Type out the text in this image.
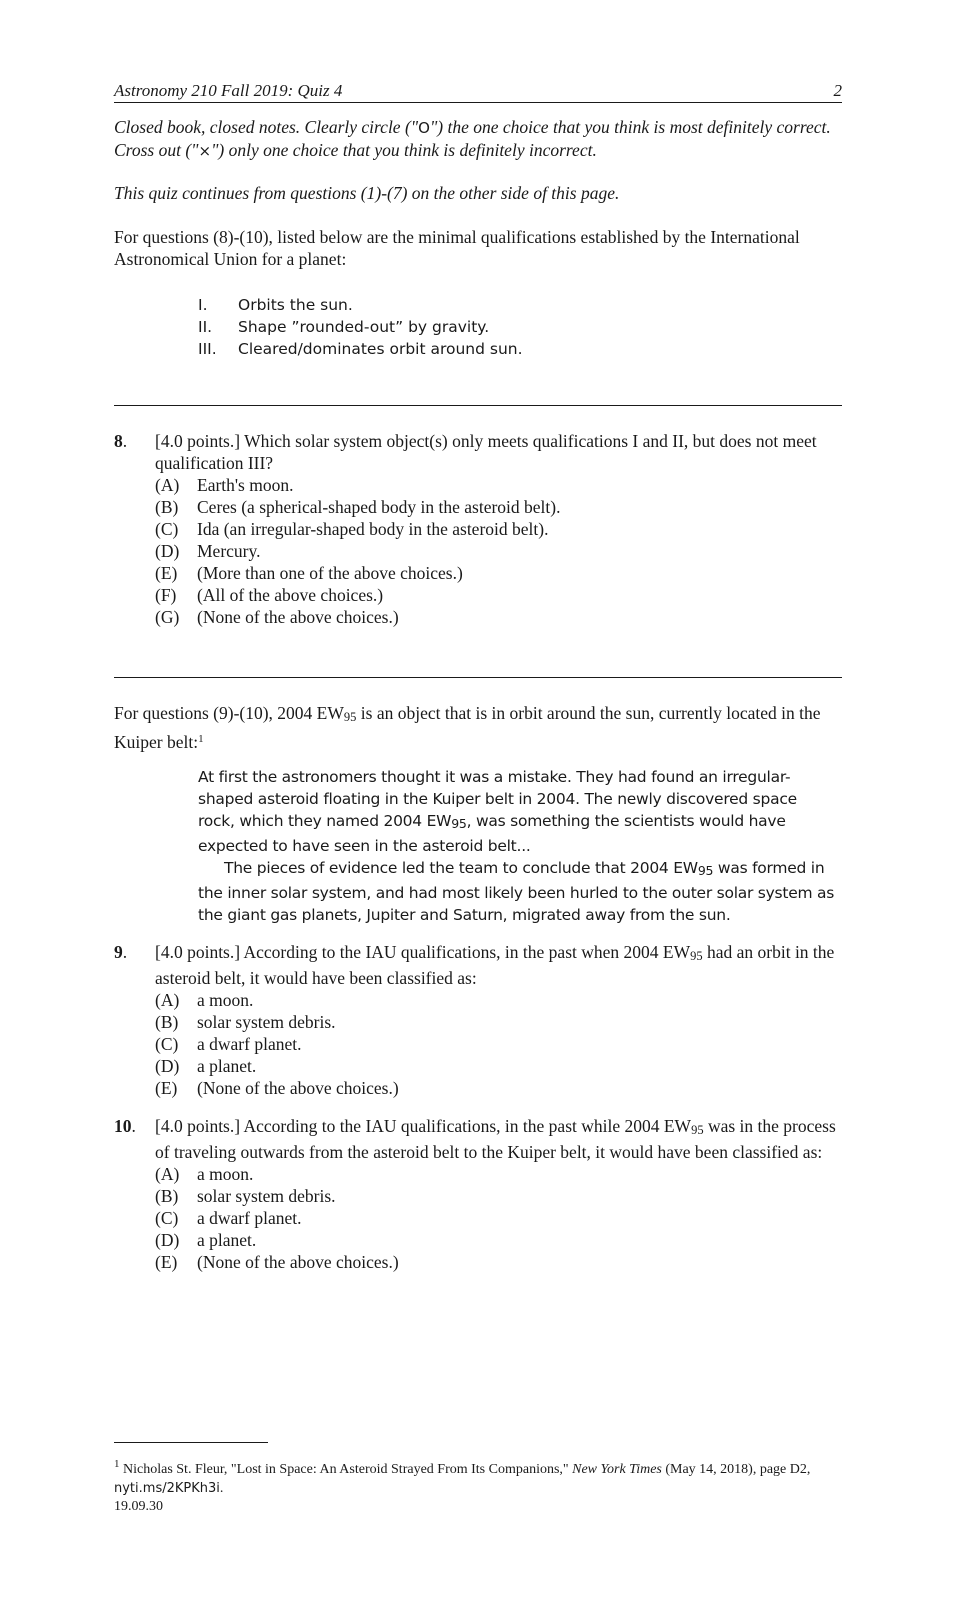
Astronomy 210 Fall 2019: Quiz 4	2
Closed book, closed notes. Clearly circle ("O") the one choice that you think is most definitely correct. Cross out ("×") only one choice that you think is definitely incorrect.
This quiz continues from questions (1)-(7) on the other side of this page.
For questions (8)-(10), listed below are the minimal qualifications established by the International Astronomical Union for a planet:
I. Orbits the sun.
II. Shape ”rounded-out” by gravity.
III. Cleared/dominates orbit around sun.
8. [4.0 points.] Which solar system object(s) only meets qualifications I and II, but does not meet qualification III?
(A) Earth's moon.
(B) Ceres (a spherical-shaped body in the asteroid belt).
(C) Ida (an irregular-shaped body in the asteroid belt).
(D) Mercury.
(E) (More than one of the above choices.)
(F) (All of the above choices.)
(G) (None of the above choices.)
For questions (9)-(10), 2004 EW95 is an object that is in orbit around the sun, currently located in the Kuiper belt:$^1$

At first the astronomers thought it was a mistake. They had found an irregular-shaped asteroid floating in the Kuiper belt in 2004. The newly discovered space rock, which they named 2004 EW95, was something the scientists would have expected to have seen in the asteroid belt...

The pieces of evidence led the team to conclude that 2004 EW95 was formed in the inner solar system, and had most likely been hurled to the outer solar system as the giant gas planets, Jupiter and Saturn, migrated away from the sun.

9. [4.0 points.] According to the IAU qualifications, in the past when 2004 EW95 had an orbit in the asteroid belt, it would have been classified as:
(A) a moon.
(B) solar system debris.
(C) a dwarf planet.
(D) a planet.
(E) (None of the above choices.)
10. [4.0 points.] According to the IAU qualifications, in the past while 2004 EW95 was in the process of traveling outwards from the asteroid belt to the Kuiper belt, it would have been classified as:
(A) a moon.
(B) solar system debris.
(C) a dwarf planet.
(D) a planet.
(E) (None of the above choices.)
$^1$ Nicholas St. Fleur, "Lost in Space: An Asteroid Strayed From Its Companions," New York Times (May 14, 2018), page D2, nyti.ms/2KPKh3i.
19.09.30
